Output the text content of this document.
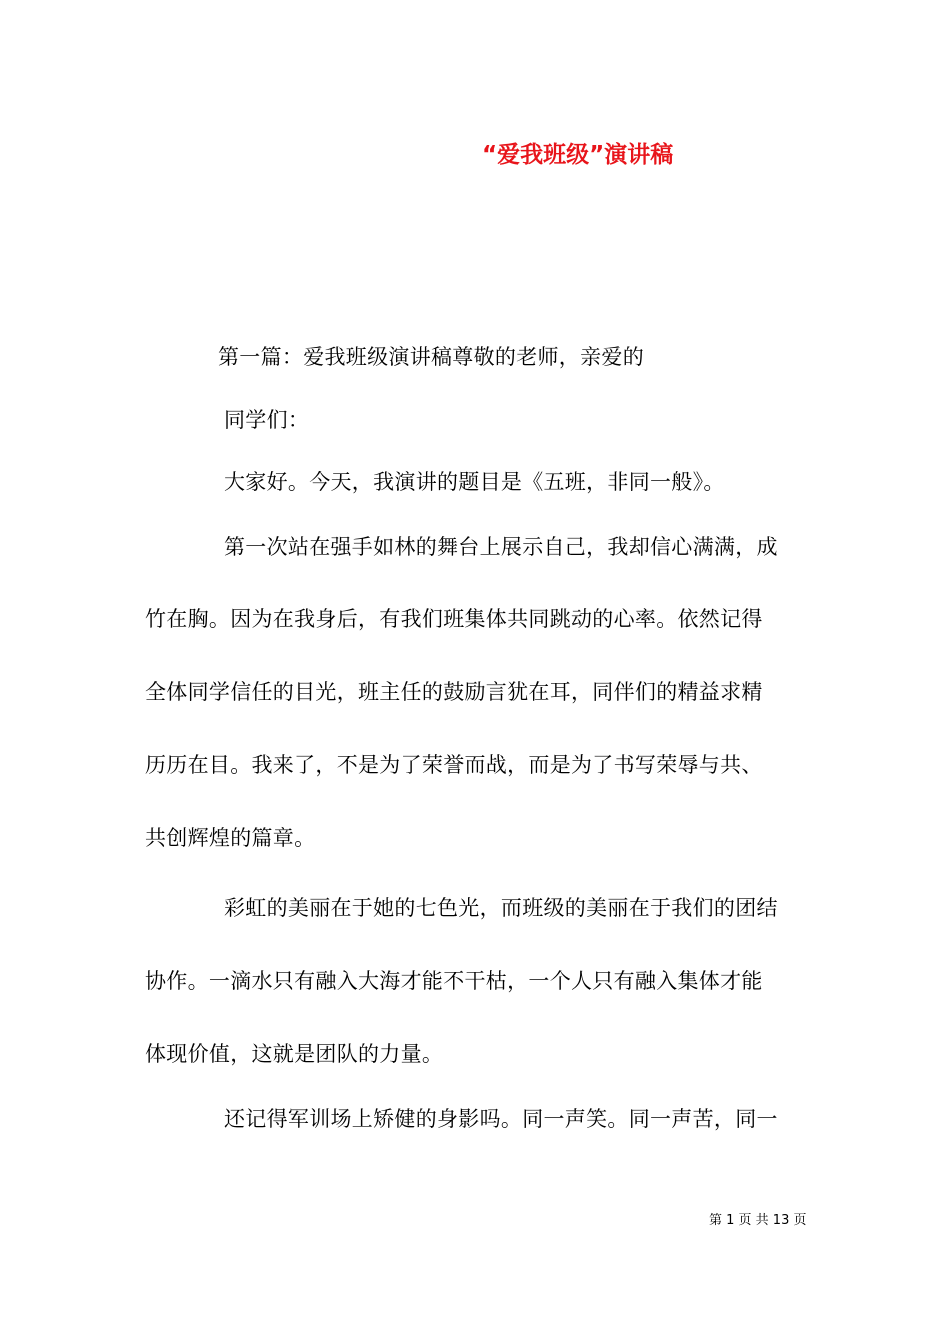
“爱我班级”演讲稿
第一篇：爱我班级演讲稿尊敬的老师，亲爱的
同学们：
大家好。今天，我演讲的题目是《五班，非同一般》。
第一次站在强手如林的舞台上展示自己，我却信心满满，成
竹在胸。因为在我身后，有我们班集体共同跳动的心率。依然记得
全体同学信任的目光，班主任的鼓励言犹在耳，同伴们的精益求精
历历在目。我来了，不是为了荣誉而战，而是为了书写荣辱与共、
共创辉煌的篇章。
彩虹的美丽在于她的七色光，而班级的美丽在于我们的团结
协作。一滴水只有融入大海才能不干枯，一个人只有融入集体才能
体现价值，这就是团队的力量。
还记得军训场上矫健的身影吗。同一声笑。同一声苦，同一
第 1 页 共 13 页
